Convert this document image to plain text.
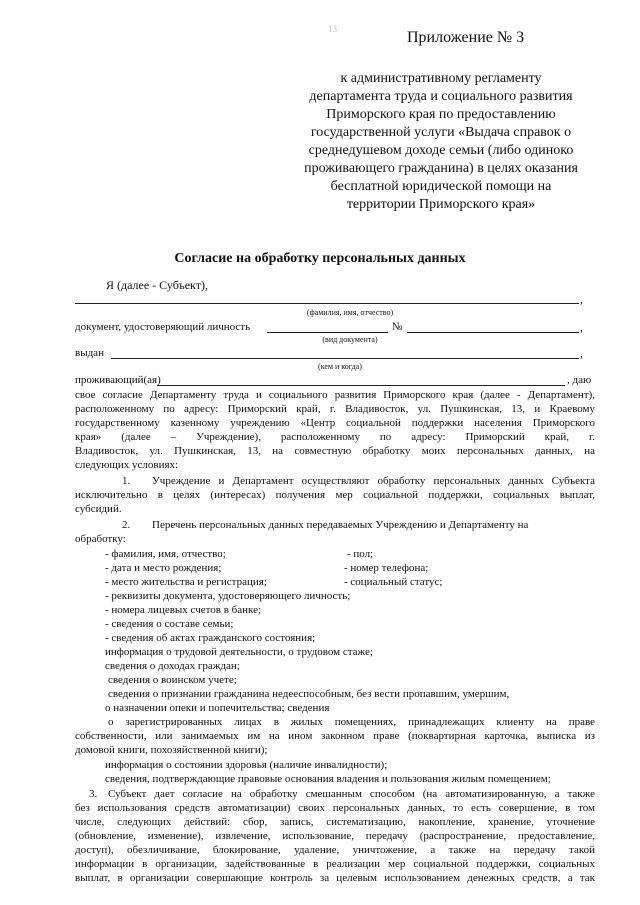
13	Приложение № 3
к административному регламенту
департамента труда и социального развития
Приморского края по предоставлению
государственной услуги «Выдача справок о
среднедушевом доходе семьи (либо одиноко
проживающего гражданина) в целях оказания
бесплатной юридической помощи на
территории Приморского края»
Согласие на обработку персональных данных
Я (далее - Субъект),
,
(фамилия, имя, отчество)
документ, удостоверяющий личность	№	,
(вид документа)
выдан	,
(кем и когда)
проживающий(ая)	, даю
свое согласие Департаменту труда и социального развития Приморского края (далее - Департамент),
расположенному по адресу: Приморский край, г. Владивосток, ул. Пушкинская, 13, и Краевому
государственному казенному учреждению «Центр социальной поддержки населения Приморского
края» (далее – Учреждение), расположенному по адресу: Приморский край, г.
Владивосток, ул. Пушкинская, 13, на совместную обработку моих персональных данных, на
следующих условиях:
1. Учреждение и Департамент осуществляют обработку персональных данных Субъекта
исключительно в целях (интересах) получения мер социальной поддержки, социальных выплат,
субсидий.
2. Перечень персональных данных передаваемых Учреждению и Департаменту на
обработку:
- фамилия, имя, отчество;	- пол;
- дата и место рождения;	- номер телефона;
- место жительства и регистрация;	- социальный статус;
- реквизиты документа, удостоверяющего личность;
- номера лицевых счетов в банке;
- сведения о составе семьи;
- сведения об актах гражданского состояния;
информация о трудовой деятельности, о трудовом стаже;
сведения о доходах граждан;
сведения о воинском учете;
сведения о признании гражданина недееспособным, без вести пропавшим, умершим,
о назначении опеки и попечительства; сведения
о зарегистрированных лицах в жилых помещениях, принадлежащих клиенту на праве
собственности, или занимаемых им на ином законном праве (поквартирная карточка, выписка из
домовой книги, похозяйственной книги);
информация о состоянии здоровья (наличие инвалидности);
сведения, подтверждающие правовые основания владения и пользования жилым помещением;
3. Субъект дает согласие на обработку смешанным способом (на автоматизированную, а также
без использования средств автоматизации) своих персональных данных, то есть совершение, в том
числе, следующих действий: сбор, запись, систематизацию, накопление, хранение, уточнение
(обновление, изменение), извлечение, использование, передачу (распространение, предоставление,
доступ), обезличивание, блокирование, удаление, уничтожение, а также на передачу такой
информации в организации, задействованные в реализации мер социальной поддержки, социальных
выплат, в организации совершающие контроль за целевым использованием денежных средств, а так
